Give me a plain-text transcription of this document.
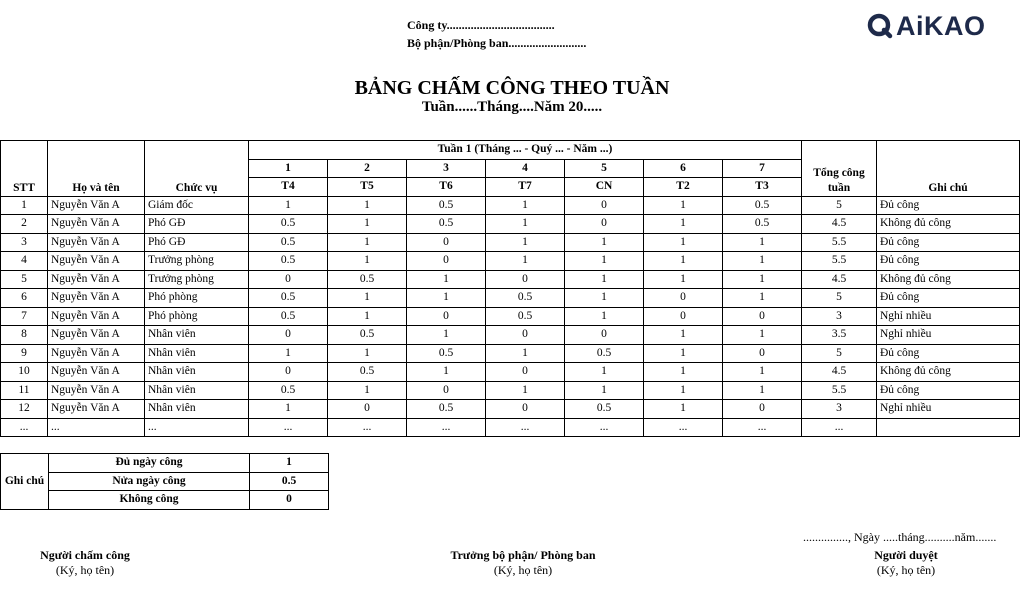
Công ty....................................
Bộ phận/Phòng ban..........................
AiKAO
BẢNG CHẤM CÔNG THEO TUẦN
Tuần......Tháng....Năm 20.....
STT	Họ và tên	Chức vụ	Tuần 1 (Tháng ... - Quý ... - Năm ...)							Tổng công tuần	Ghi chú
			1	2	3	4	5	6	7		
			T4	T5	T6	T7	CN	T2	T3		
1	Nguyễn Văn A	Giám đốc	1	1	0.5	1	0	1	0.5	5	Đủ công
2	Nguyễn Văn A	Phó GĐ	0.5	1	0.5	1	0	1	0.5	4.5	Không đủ công
3	Nguyễn Văn A	Phó GĐ	0.5	1	0	1	1	1	1	5.5	Đủ công
4	Nguyễn Văn A	Trưởng phòng	0.5	1	0	1	1	1	1	5.5	Đủ công
5	Nguyễn Văn A	Trưởng phòng	0	0.5	1	0	1	1	1	4.5	Không đủ công
6	Nguyễn Văn A	Phó phòng	0.5	1	1	0.5	1	0	1	5	Đủ công
7	Nguyễn Văn A	Phó phòng	0.5	1	0	0.5	1	0	0	3	Nghỉ nhiều
8	Nguyễn Văn A	Nhân viên	0	0.5	1	0	0	1	1	3.5	Nghỉ nhiều
9	Nguyễn Văn A	Nhân viên	1	1	0.5	1	0.5	1	0	5	Đủ công
10	Nguyễn Văn A	Nhân viên	0	0.5	1	0	1	1	1	4.5	Không đủ công
11	Nguyễn Văn A	Nhân viên	0.5	1	0	1	1	1	1	5.5	Đủ công
12	Nguyễn Văn A	Nhân viên	1	0	0.5	0	0.5	1	0	3	Nghỉ nhiều
...	...	...	...	...	...	...	...	...	...	...	
Ghi chú	Đủ ngày công	1
	Nửa ngày công	0.5
	Không công	0
..............., Ngày .....tháng..........năm.......
Người chấm công
(Ký, họ tên)
Trưởng bộ phận/ Phòng ban
(Ký, họ tên)
Người duyệt
(Ký, họ tên)
